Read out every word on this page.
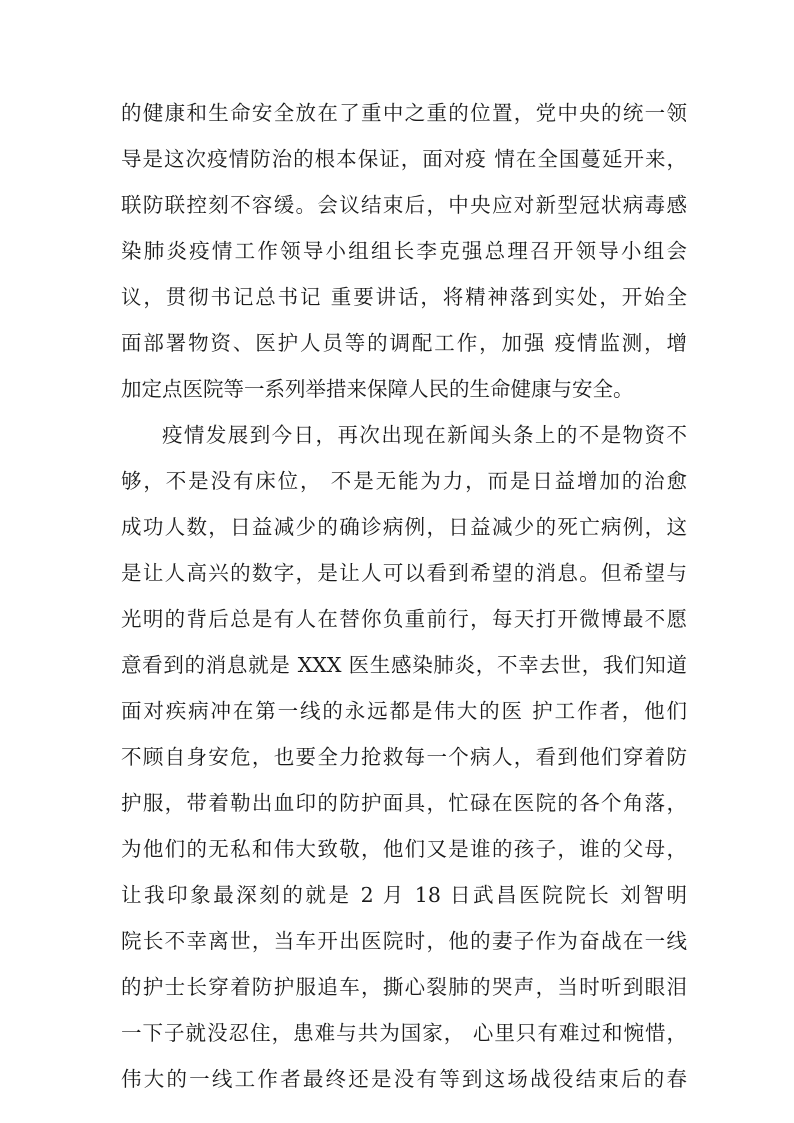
的健康和生命安全放在了重中之重的位置，党中央的统一领
导是这次疫情防治的根本保证，面对疫 情在全国蔓延开来，
联防联控刻不容缓。会议结束后，中央应对新型冠状病毒感
染肺炎疫情工作领导小组组长李克强总理召开领导小组会
议，贯彻书记总书记 重要讲话，将精神落到实处，开始全
面部署物资、医护人员等的调配工作，加强 疫情监测，增
加定点医院等一系列举措来保障人民的生命健康与安全。
疫情发展到今日，再次出现在新闻头条上的不是物资不
够，不是没有床位， 不是无能为力，而是日益增加的治愈
成功人数，日益减少的确诊病例，日益减少的死亡病例，这
是让人高兴的数字，是让人可以看到希望的消息。但希望与
光明的背后总是有人在替你负重前行，每天打开微博最不愿
意看到的消息就是 XXX 医生感染肺炎，不幸去世，我们知道
面对疾病冲在第一线的永远都是伟大的医 护工作者，他们
不顾自身安危，也要全力抢救每一个病人，看到他们穿着防
护服，带着勒出血印的防护面具，忙碌在医院的各个角落，
为他们的无私和伟大致敬，他们又是谁的孩子，谁的父母，
让我印象最深刻的就是 2 月 18 日武昌医院院长 刘智明
院长不幸离世，当车开出医院时，他的妻子作为奋战在一线
的护士长穿着防护服追车，撕心裂肺的哭声，当时听到眼泪
一下子就没忍住，患难与共为国家， 心里只有难过和惋惜，
伟大的一线工作者最终还是没有等到这场战役结束后的春
